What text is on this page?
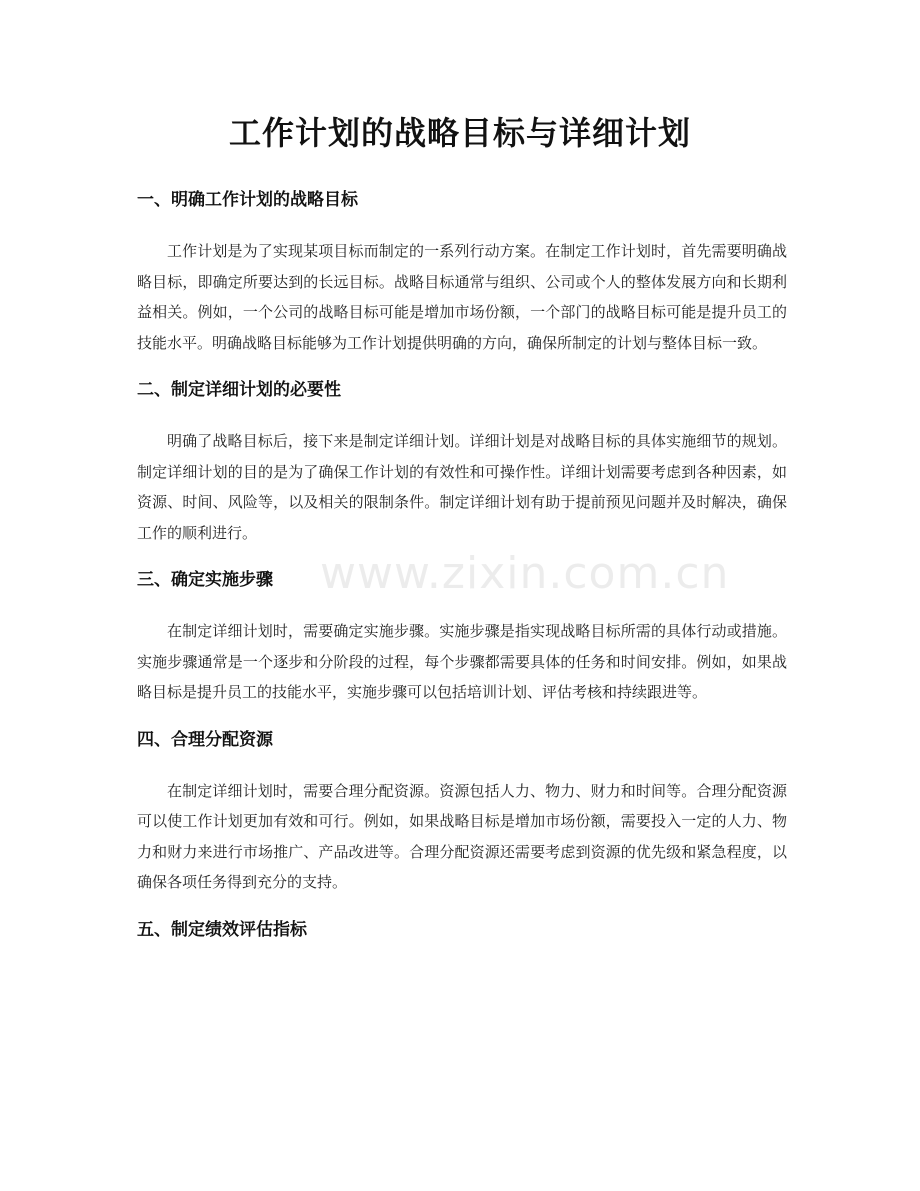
工作计划的战略目标与详细计划
一、明确工作计划的战略目标

工作计划是为了实现某项目标而制定的一系列行动方案。在制定工作计划时，首先需要明确战略目标，即确定所要达到的长远目标。战略目标通常与组织、公司或个人的整体发展方向和长期利益相关。例如，一个公司的战略目标可能是增加市场份额，一个部门的战略目标可能是提升员工的技能水平。明确战略目标能够为工作计划提供明确的方向，确保所制定的计划与整体目标一致。

二、制定详细计划的必要性

明确了战略目标后，接下来是制定详细计划。详细计划是对战略目标的具体实施细节的规划。制定详细计划的目的是为了确保工作计划的有效性和可操作性。详细计划需要考虑到各种因素，如资源、时间、风险等，以及相关的限制条件。制定详细计划有助于提前预见问题并及时解决，确保工作的顺利进行。

三、确定实施步骤

在制定详细计划时，需要确定实施步骤。实施步骤是指实现战略目标所需的具体行动或措施。实施步骤通常是一个逐步和分阶段的过程，每个步骤都需要具体的任务和时间安排。例如，如果战略目标是提升员工的技能水平，实施步骤可以包括培训计划、评估考核和持续跟进等。

四、合理分配资源

在制定详细计划时，需要合理分配资源。资源包括人力、物力、财力和时间等。合理分配资源可以使工作计划更加有效和可行。例如，如果战略目标是增加市场份额，需要投入一定的人力、物力和财力来进行市场推广、产品改进等。合理分配资源还需要考虑到资源的优先级和紧急程度，以确保各项任务得到充分的支持。

五、制定绩效评估指标
www.zixin.com.cn
